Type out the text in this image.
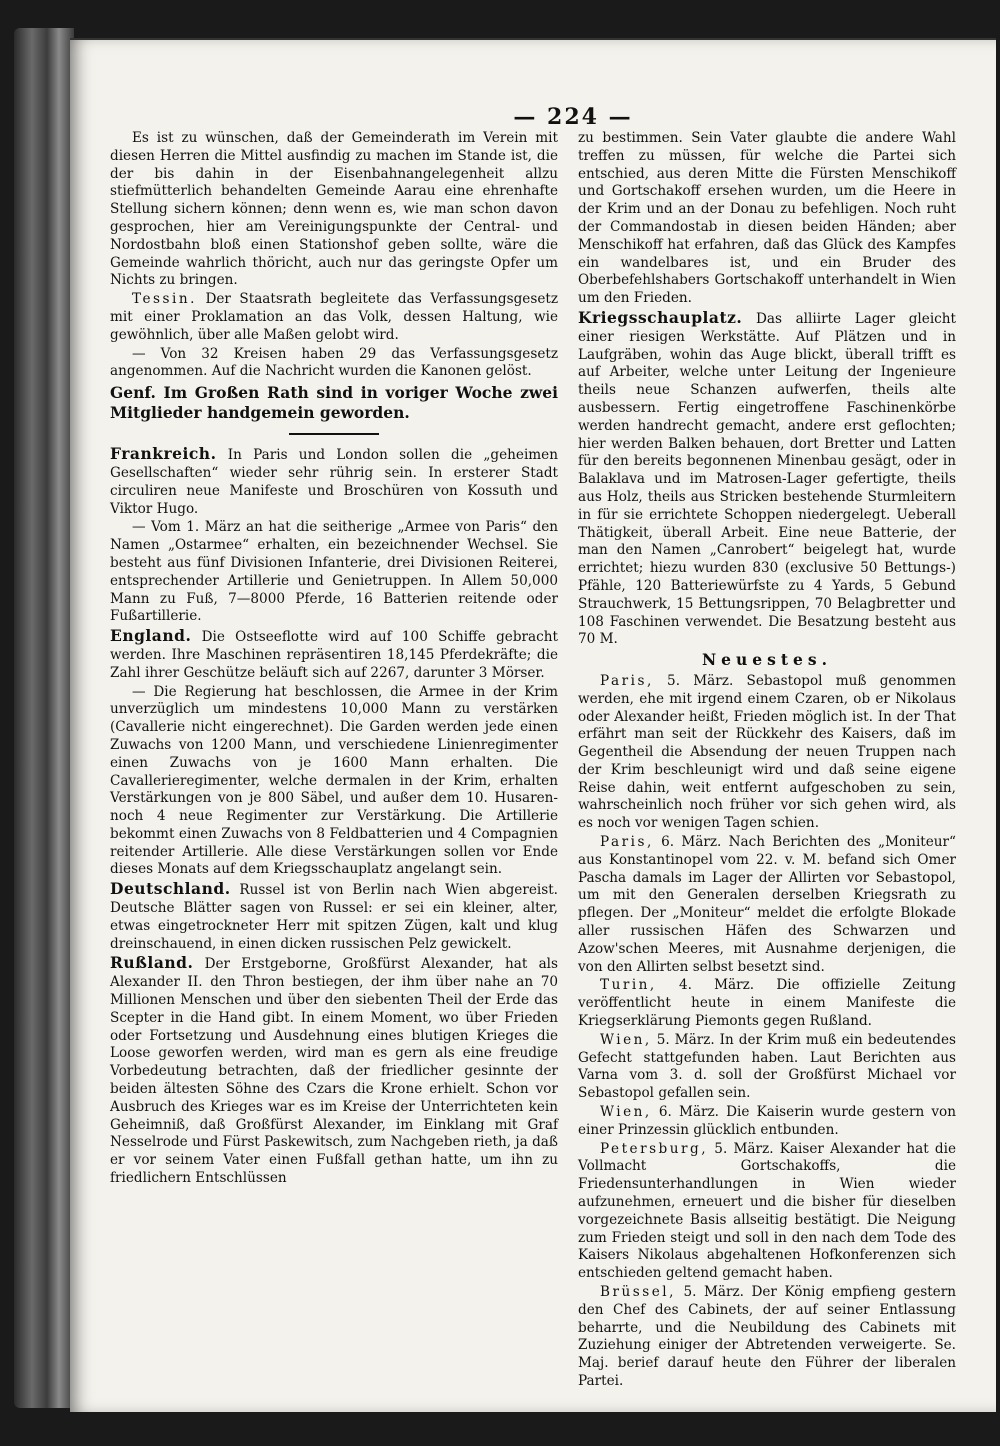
— 224 —

Es ist zu wünschen, daß der Gemeinderath im Verein mit diesen Herren die Mittel ausfindig zu machen im Stande ist, die der bis dahin in der Eisenbahnangelegenheit allzu stiefmütterlich behandelten Gemeinde Aarau eine ehrenhafte Stellung sichern können; denn wenn es, wie man schon davon gesprochen, hier am Vereinigungspunkte der Central- und Nordostbahn bloß einen Stationshof geben sollte, wäre die Gemeinde wahrlich thöricht, auch nur das geringste Opfer um Nichts zu bringen.

Tessin. Der Staatsrath begleitete das Verfassungsgesetz mit einer Proklamation an das Volk, dessen Haltung, wie gewöhnlich, über alle Maßen gelobt wird.

— Von 32 Kreisen haben 29 das Verfassungsgesetz angenommen. Auf die Nachricht wurden die Kanonen gelöst.

Genf. Im Großen Rath sind in voriger Woche zwei Mitglieder handgemein geworden.

Frankreich. In Paris und London sollen die „geheimen Gesellschaften“ wieder sehr rührig sein. In ersterer Stadt circuliren neue Manifeste und Broschüren von Kossuth und Viktor Hugo.

— Vom 1. März an hat die seitherige „Armee von Paris“ den Namen „Ostarmee“ erhalten, ein bezeichnender Wechsel. Sie besteht aus fünf Divisionen Infanterie, drei Divisionen Reiterei, entsprechender Artillerie und Genietruppen. In Allem 50,000 Mann zu Fuß, 7—8000 Pferde, 16 Batterien reitende oder Fußartillerie.

England. Die Ostseeflotte wird auf 100 Schiffe gebracht werden. Ihre Maschinen repräsentiren 18,145 Pferdekräfte; die Zahl ihrer Geschütze beläuft sich auf 2267, darunter 3 Mörser.

— Die Regierung hat beschlossen, die Armee in der Krim unverzüglich um mindestens 10,000 Mann zu verstärken (Cavallerie nicht eingerechnet). Die Garden werden jede einen Zuwachs von 1200 Mann, und verschiedene Linienregimenter einen Zuwachs von je 1600 Mann erhalten. Die Cavallerieregimenter, welche dermalen in der Krim, erhalten Verstärkungen von je 800 Säbel, und außer dem 10. Husaren- noch 4 neue Regimenter zur Verstärkung. Die Artillerie bekommt einen Zuwachs von 8 Feldbatterien und 4 Compagnien reitender Artillerie. Alle diese Verstärkungen sollen vor Ende dieses Monats auf dem Kriegsschauplatz angelangt sein.

Deutschland. Russel ist von Berlin nach Wien abgereist. Deutsche Blätter sagen von Russel: er sei ein kleiner, alter, etwas eingetrockneter Herr mit spitzen Zügen, kalt und klug dreinschauend, in einen dicken russischen Pelz gewickelt.

Rußland. Der Erstgeborne, Großfürst Alexander, hat als Alexander II. den Thron bestiegen, der ihm über nahe an 70 Millionen Menschen und über den siebenten Theil der Erde das Scepter in die Hand gibt. In einem Moment, wo über Frieden oder Fortsetzung und Ausdehnung eines blutigen Krieges die Loose geworfen werden, wird man es gern als eine freudige Vorbedeutung betrachten, daß der friedlicher gesinnte der beiden ältesten Söhne des Czars die Krone erhielt. Schon vor Ausbruch des Krieges war es im Kreise der Unterrichteten kein Geheimniß, daß Großfürst Alexander, im Einklang mit Graf Nesselrode und Fürst Paskewitsch, zum Nachgeben rieth, ja daß er vor seinem Vater einen Fußfall gethan hatte, um ihn zu friedlichern Entschlüssen

zu bestimmen. Sein Vater glaubte die andere Wahl treffen zu müssen, für welche die Partei sich entschied, aus deren Mitte die Fürsten Menschikoff und Gortschakoff ersehen wurden, um die Heere in der Krim und an der Donau zu befehligen. Noch ruht der Commandostab in diesen beiden Händen; aber Menschikoff hat erfahren, daß das Glück des Kampfes ein wandelbares ist, und ein Bruder des Oberbefehlshabers Gortschakoff unterhandelt in Wien um den Frieden.

Kriegsschauplatz. Das alliirte Lager gleicht einer riesigen Werkstätte. Auf Plätzen und in Laufgräben, wohin das Auge blickt, überall trifft es auf Arbeiter, welche unter Leitung der Ingenieure theils neue Schanzen aufwerfen, theils alte ausbessern. Fertig eingetroffene Faschinenkörbe werden handrecht gemacht, andere erst geflochten; hier werden Balken behauen, dort Bretter und Latten für den bereits begonnenen Minenbau gesägt, oder in Balaklava und im Matrosen-Lager gefertigte, theils aus Holz, theils aus Stricken bestehende Sturmleitern in für sie errichtete Schoppen niedergelegt. Ueberall Thätigkeit, überall Arbeit. Eine neue Batterie, der man den Namen „Canrobert“ beigelegt hat, wurde errichtet; hiezu wurden 830 (exclusive 50 Bettungs-) Pfähle, 120 Batteriewürfste zu 4 Yards, 5 Gebund Strauchwerk, 15 Bettungsrippen, 70 Belagbretter und 108 Faschinen verwendet. Die Besatzung besteht aus 70 M.

Neuestes.

Paris, 5. März. Sebastopol muß genommen werden, ehe mit irgend einem Czaren, ob er Nikolaus oder Alexander heißt, Frieden möglich ist. In der That erfährt man seit der Rückkehr des Kaisers, daß im Gegentheil die Absendung der neuen Truppen nach der Krim beschleunigt wird und daß seine eigene Reise dahin, weit entfernt aufgeschoben zu sein, wahrscheinlich noch früher vor sich gehen wird, als es noch vor wenigen Tagen schien.

Paris, 6. März. Nach Berichten des „Moniteur“ aus Konstantinopel vom 22. v. M. befand sich Omer Pascha damals im Lager der Allirten vor Sebastopol, um mit den Generalen derselben Kriegsrath zu pflegen. Der „Moniteur“ meldet die erfolgte Blokade aller russischen Häfen des Schwarzen und Azow'schen Meeres, mit Ausnahme derjenigen, die von den Allirten selbst besetzt sind.

Turin, 4. März. Die offizielle Zeitung veröffentlicht heute in einem Manifeste die Kriegserklärung Piemonts gegen Rußland.

Wien, 5. März. In der Krim muß ein bedeutendes Gefecht stattgefunden haben. Laut Berichten aus Varna vom 3. d. soll der Großfürst Michael vor Sebastopol gefallen sein.

Wien, 6. März. Die Kaiserin wurde gestern von einer Prinzessin glücklich entbunden.

Petersburg, 5. März. Kaiser Alexander hat die Vollmacht Gortschakoffs, die Friedensunterhandlungen in Wien wieder aufzunehmen, erneuert und die bisher für dieselben vorgezeichnete Basis allseitig bestätigt. Die Neigung zum Frieden steigt und soll in den nach dem Tode des Kaisers Nikolaus abgehaltenen Hofkonferenzen sich entschieden geltend gemacht haben.

Brüssel, 5. März. Der König empfieng gestern den Chef des Cabinets, der auf seiner Entlassung beharrte, und die Neubildung des Cabinets mit Zuziehung einiger der Abtretenden verweigerte. Se. Maj. berief darauf heute den Führer der liberalen Partei.
